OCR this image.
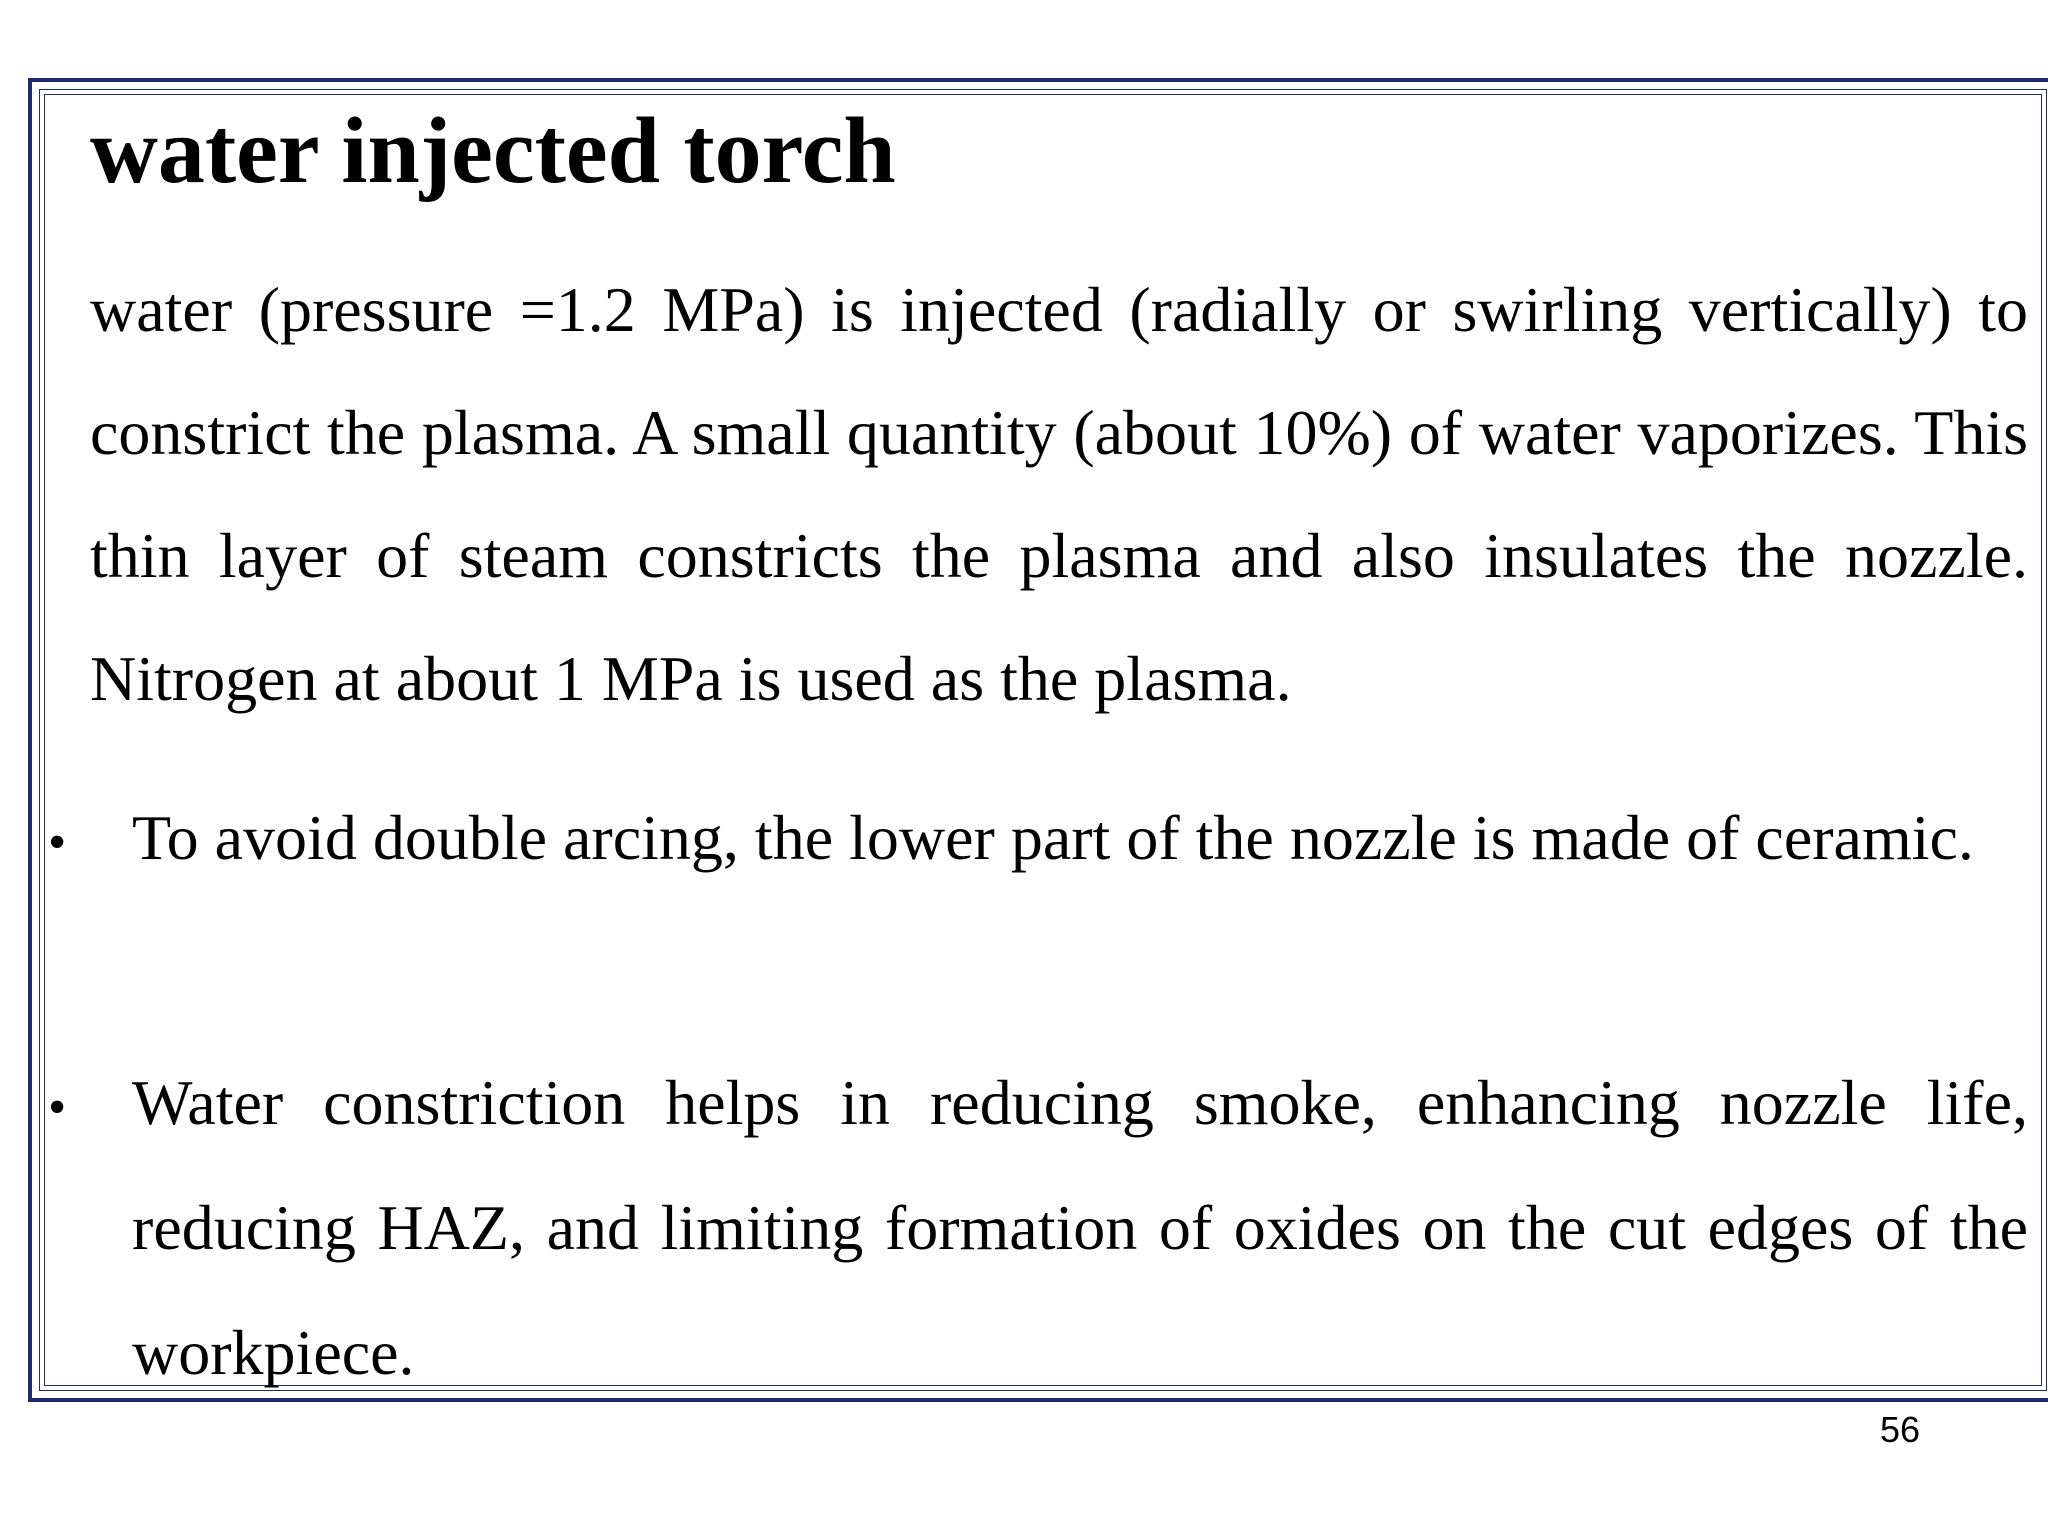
water injected torch

water (pressure =1.2 MPa) is injected (radially or swirling vertically) to constrict the plasma. A small quantity (about 10%) of water vaporizes. This thin layer of steam constricts the plasma and also insulates the nozzle. Nitrogen at about 1 MPa is used as the plasma.

• To avoid double arcing, the lower part of the nozzle is made of ceramic.

• Water constriction helps in reducing smoke, enhancing nozzle life, reducing HAZ, and limiting formation of oxides on the cut edges of the workpiece.

56
